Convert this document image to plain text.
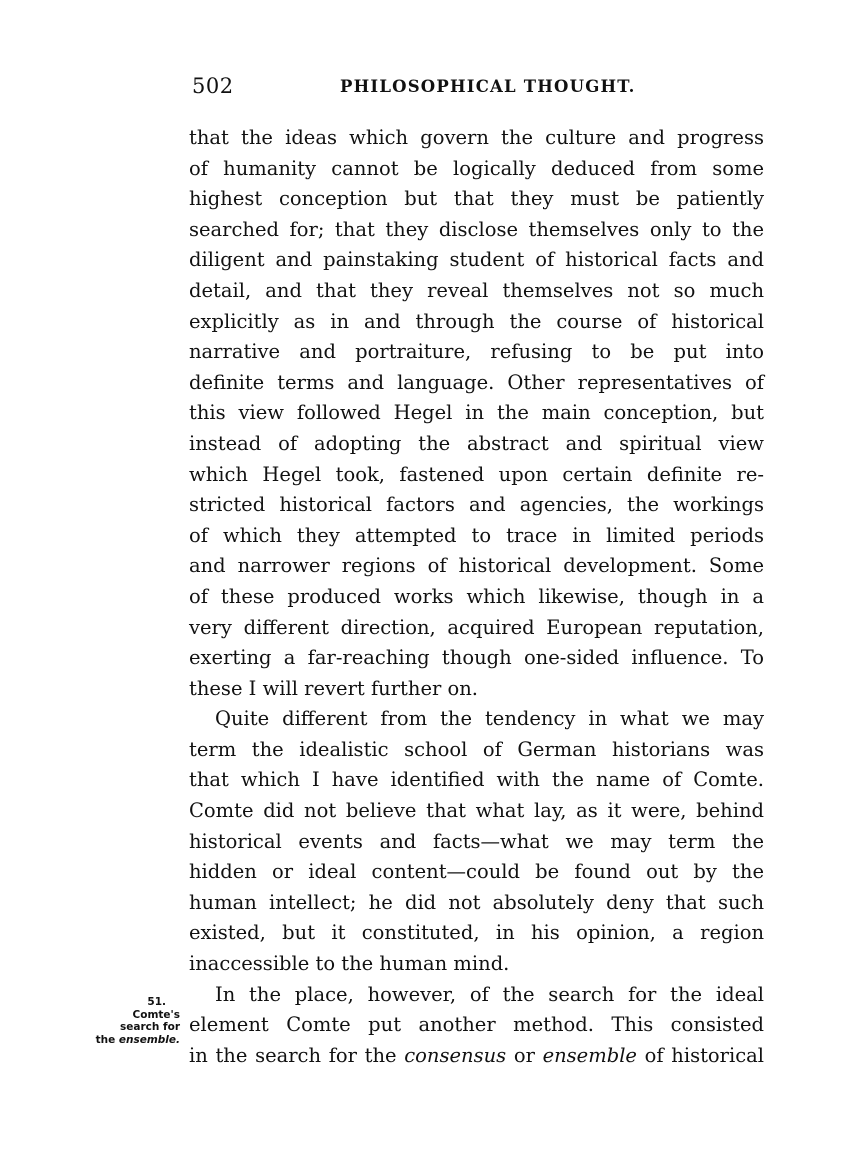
502	PHILOSOPHICAL THOUGHT.
that the ideas which govern the culture and progress
of humanity cannot be logically deduced from some
highest conception but that they must be patiently
searched for; that they disclose themselves only to the
diligent and painstaking student of historical facts and
detail, and that they reveal themselves not so much
explicitly as in and through the course of historical
narrative and portraiture, refusing to be put into
definite terms and language. Other representatives of
this view followed Hegel in the main conception, but
instead of adopting the abstract and spiritual view
which Hegel took, fastened upon certain definite re-
stricted historical factors and agencies, the workings
of which they attempted to trace in limited periods
and narrower regions of historical development. Some
of these produced works which likewise, though in a
very different direction, acquired European reputation,
exerting a far-reaching though one-sided influence. To
these I will revert further on.
Quite different from the tendency in what we may
term the idealistic school of German historians was
that which I have identified with the name of Comte.
Comte did not believe that what lay, as it were, behind
historical events and facts—what we may term the
hidden or ideal content—could be found out by the
human intellect; he did not absolutely deny that such
existed, but it constituted, in his opinion, a region
inaccessible to the human mind.
In the place, however, of the search for the ideal
element Comte put another method. This consisted
in the search for the consensus or ensemble of historical
51.
Comte's
search for
the ensemble.
